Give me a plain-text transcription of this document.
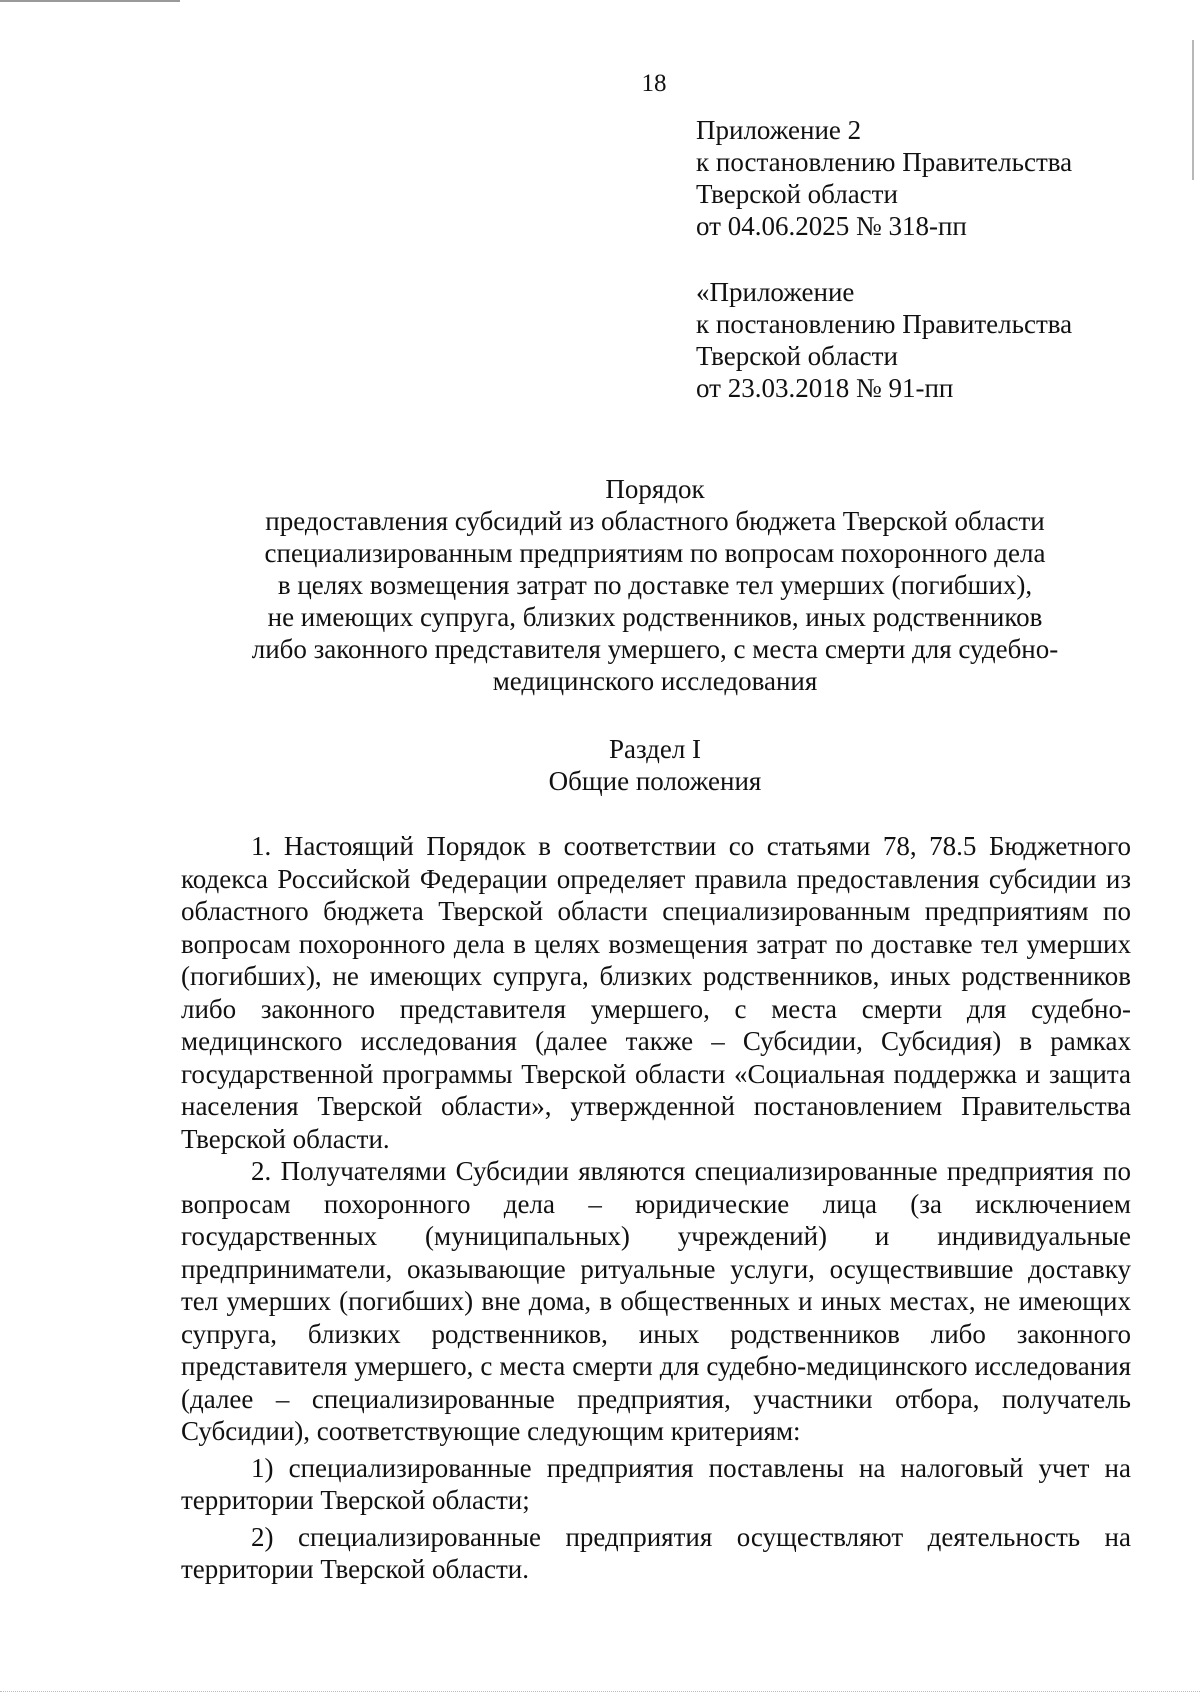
18
Приложение 2
к постановлению Правительства
Тверской области
от 04.06.2025 № 318-пп
«Приложение
к постановлению Правительства
Тверской области
от 23.03.2018 № 91-пп
Порядок
предоставления субсидий из областного бюджета Тверской области
специализированным предприятиям по вопросам похоронного дела
в целях возмещения затрат по доставке тел умерших (погибших),
не имеющих супруга, близких родственников, иных родственников
либо законного представителя умершего, с места смерти для судебно-
медицинского исследования
Раздел I
Общие положения

1. Настоящий Порядок в соответствии со статьями 78, 78.5 Бюджетного кодекса Российской Федерации определяет правила предоставления субсидии из областного бюджета Тверской области специализированным предприятиям по вопросам похоронного дела в целях возмещения затрат по доставке тел умерших (погибших), не имеющих супруга, близких родственников, иных родственников либо законного представителя умершего, с места смерти для судебно-медицинского исследования (далее также – Субсидии, Субсидия) в рамках государственной программы Тверской области «Социальная поддержка и защита населения Тверской области», утвержденной постановлением Правительства Тверской области.

2. Получателями Субсидии являются специализированные предприятия по вопросам похоронного дела – юридические лица (за исключением государственных (муниципальных) учреждений) и индивидуальные предприниматели, оказывающие ритуальные услуги, осуществившие доставку тел умерших (погибших) вне дома, в общественных и иных местах, не имеющих супруга, близких родственников, иных родственников либо законного представителя умершего, с места смерти для судебно-медицинского исследования (далее – специализированные предприятия, участники отбора, получатель Субсидии), соответствующие следующим критериям:

1) специализированные предприятия поставлены на налоговый учет на территории Тверской области;

2) специализированные предприятия осуществляют деятельность на территории Тверской области.
